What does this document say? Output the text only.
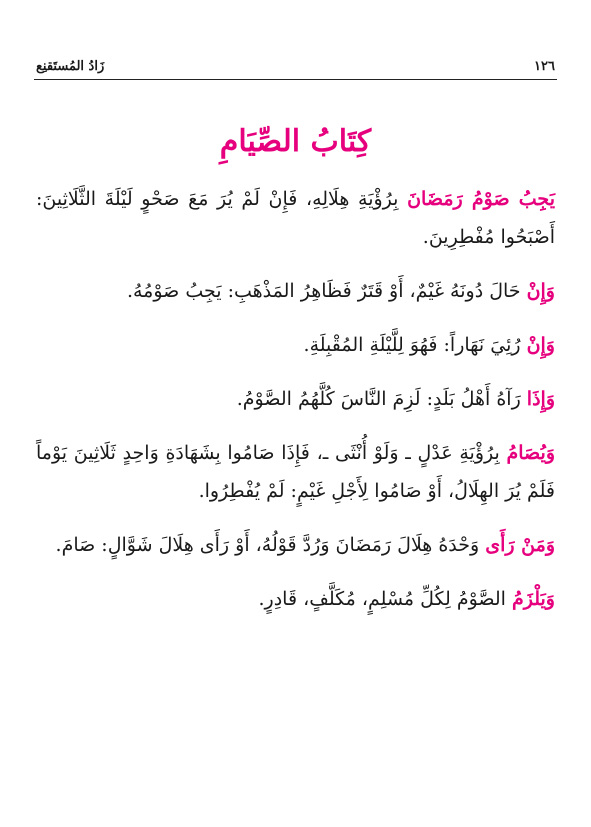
١٢٦
زَادُ المُستَقنِع
كِتَابُ الصِّيَامِ

يَجِبُ صَوْمُ رَمَضَانَ بِرُؤْيَةِ هِلَالِهِ، فَإِنْ لَمْ يُرَ مَعَ صَحْوٍ لَيْلَةَ الثَّلَاثِينَ: أَصْبَحُوا مُفْطِرِينَ.

وَإِنْ حَالَ دُونَهُ غَيْمٌ، أَوْ قَتَرٌ فَظَاهِرُ المَذْهَبِ: يَجِبُ صَوْمُهُ.

وَإِنْ رُئِيَ نَهَاراً: فَهُوَ لِلَّيْلَةِ المُقْبِلَةِ.

وَإِذَا رَآهُ أَهْلُ بَلَدٍ: لَزِمَ النَّاسَ كُلَّهُمُ الصَّوْمُ.

وَيُصَامُ بِرُؤْيَةِ عَدْلٍ ـ وَلَوْ أُنْثَى ـ، فَإِذَا صَامُوا بِشَهَادَةِ وَاحِدٍ ثَلَاثِينَ يَوْماً فَلَمْ يُرَ الهِلَالُ، أَوْ صَامُوا لِأَجْلِ غَيْمٍ: لَمْ يُفْطِرُوا.

وَمَنْ رَأَى وَحْدَهُ هِلَالَ رَمَضَانَ وَرُدَّ قَوْلُهُ، أَوْ رَأَى هِلَالَ شَوَّالٍ: صَامَ.

وَيَلْزَمُ الصَّوْمُ لِكُلِّ مُسْلِمٍ، مُكَلَّفٍ، قَادِرٍ.
